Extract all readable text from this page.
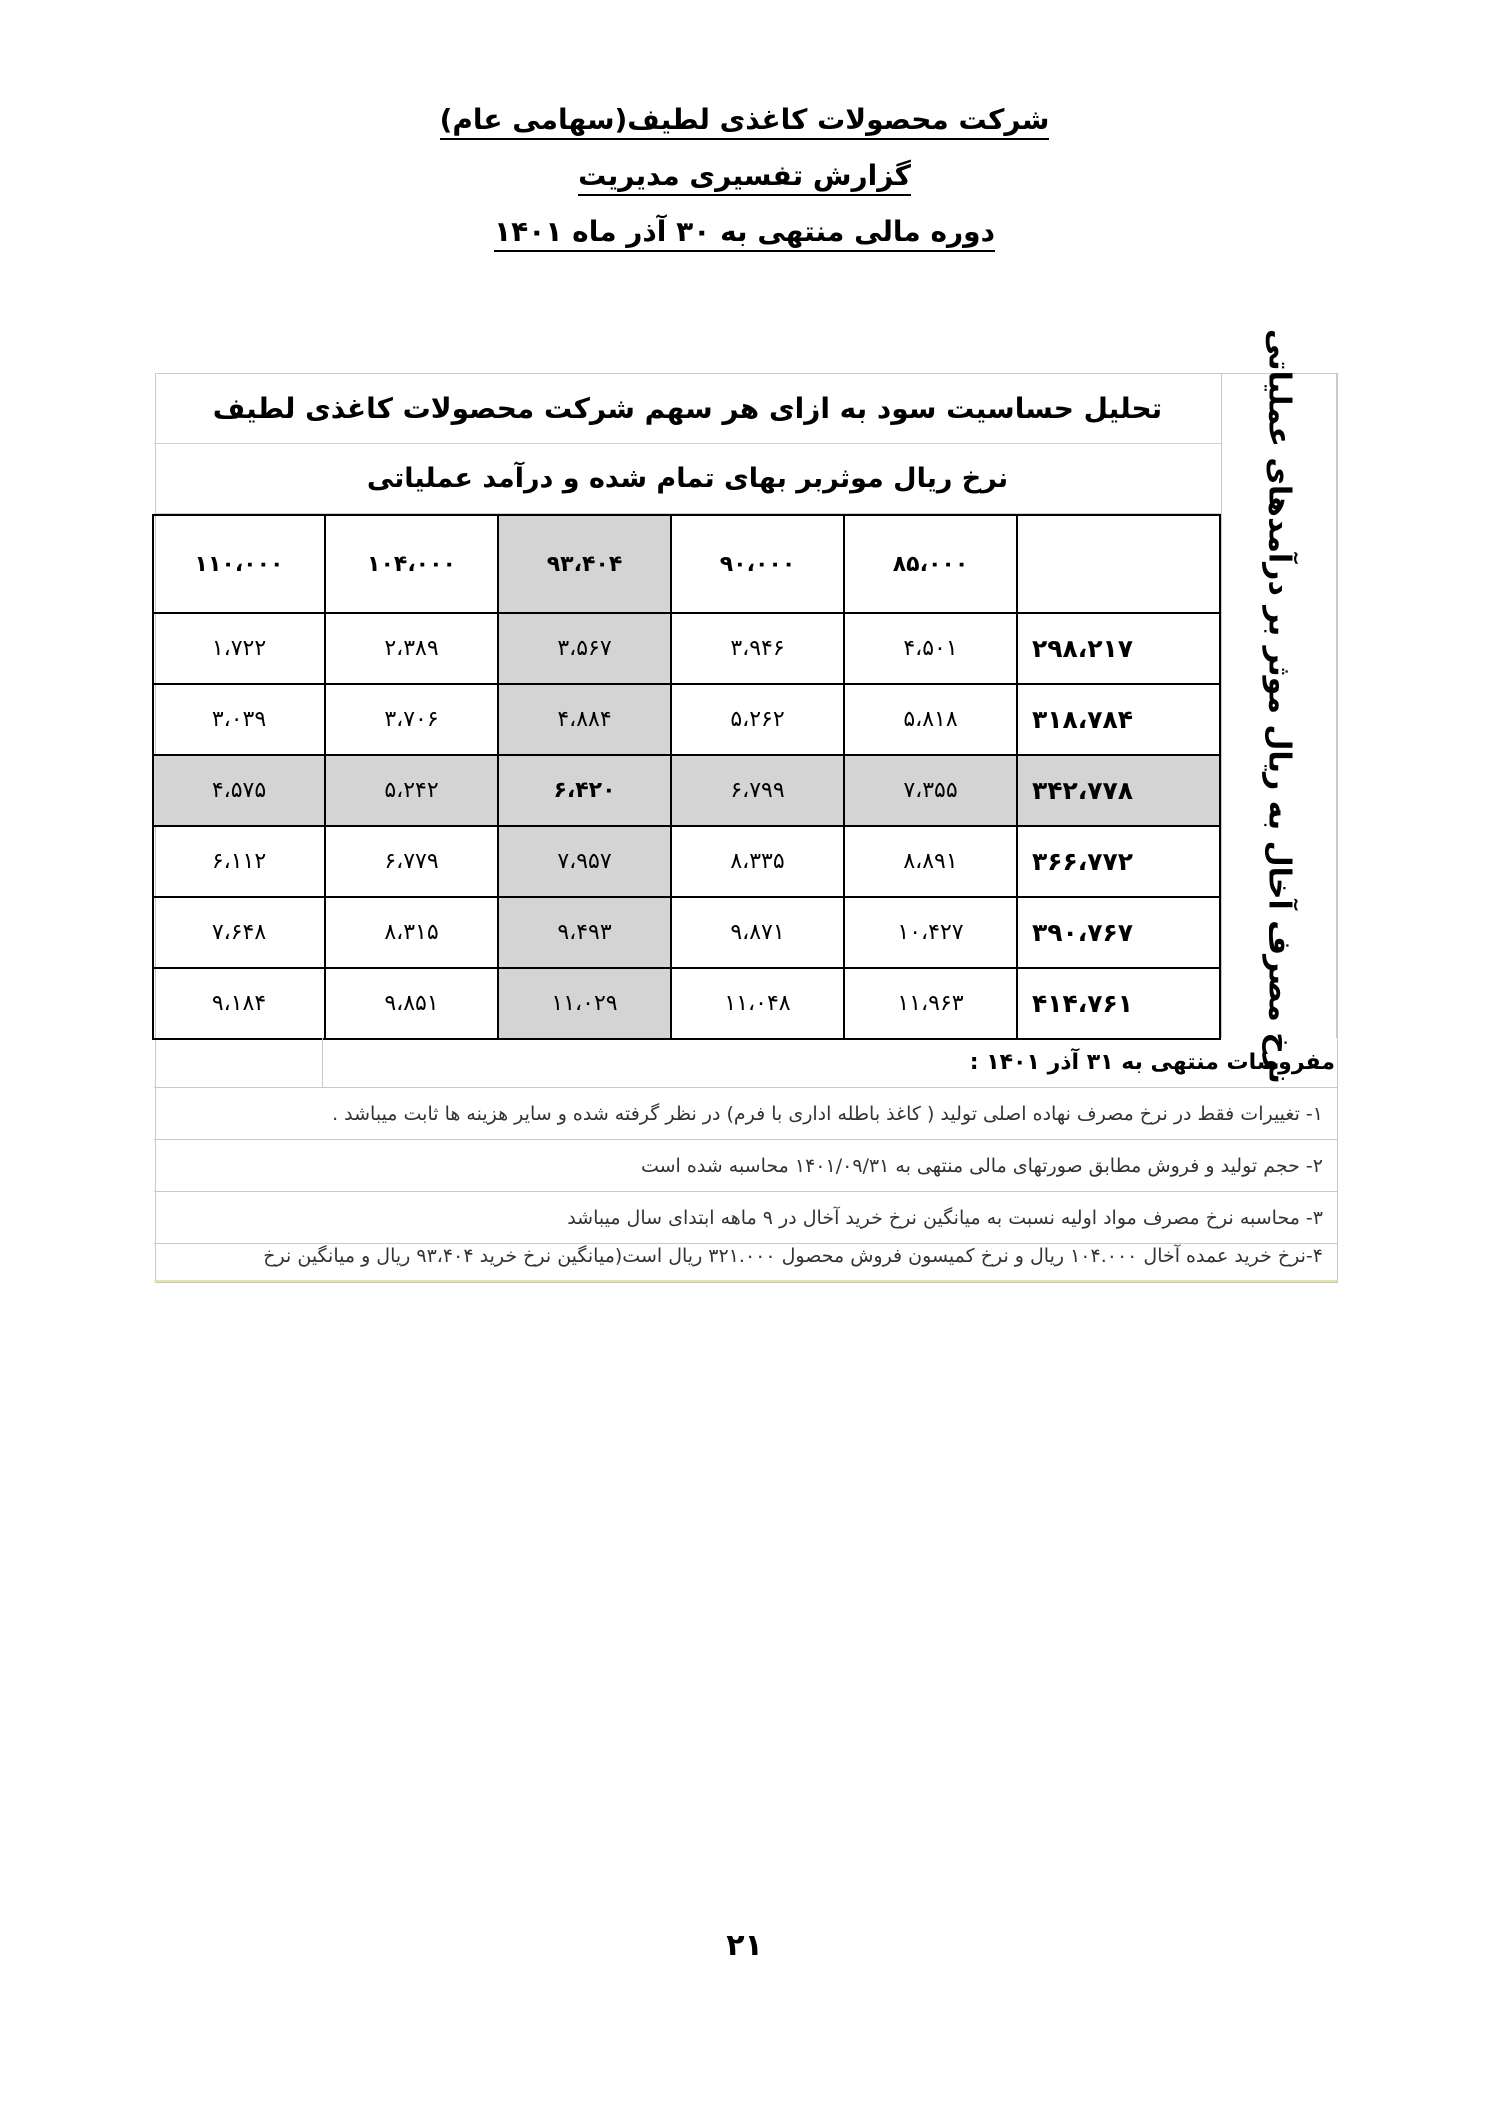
شرکت محصولات کاغذی لطیف(سهامی عام)
گزارش تفسیری مدیریت
دوره مالی منتهی به ۳۰ آذر ماه ۱۴۰۱
نرخ مصرف آخال به ریال موثر بر درآمدهای عملیاتی
تحلیل حساسیت سود به ازای هر سهم شرکت محصولات کاغذی لطیف
نرخ ریال موثربر بهای تمام شده و درآمد عملیاتی
	۸۵،۰۰۰	۹۰،۰۰۰	۹۳،۴۰۴	۱۰۴،۰۰۰	۱۱۰،۰۰۰
۲۹۸،۲۱۷	۴،۵۰۱	۳،۹۴۶	۳،۵۶۷	۲،۳۸۹	۱،۷۲۲
۳۱۸،۷۸۴	۵،۸۱۸	۵،۲۶۲	۴،۸۸۴	۳،۷۰۶	۳،۰۳۹
۳۴۲،۷۷۸	۷،۳۵۵	۶،۷۹۹	۶،۴۲۰	۵،۲۴۲	۴،۵۷۵
۳۶۶،۷۷۲	۸،۸۹۱	۸،۳۳۵	۷،۹۵۷	۶،۷۷۹	۶،۱۱۲
۳۹۰،۷۶۷	۱۰،۴۲۷	۹،۸۷۱	۹،۴۹۳	۸،۳۱۵	۷،۶۴۸
۴۱۴،۷۶۱	۱۱،۹۶۳	۱۱،۰۴۸	۱۱،۰۲۹	۹،۸۵۱	۹،۱۸۴
مفروضات منتهی به ۳۱ آذر ۱۴۰۱ :
۱- تغییرات فقط در نرخ مصرف نهاده اصلی تولید ( کاغذ باطله اداری با فرم) در نظر گرفته شده و سایر هزینه ها ثابت میباشد .
۲- حجم تولید و فروش مطابق صورتهای مالی منتهی به ۱۴۰۱/۰۹/۳۱ محاسبه شده است
۳- محاسبه نرخ مصرف مواد اولیه نسبت به میانگین نرخ خرید آخال در ۹ ماهه ابتدای سال میباشد
۴-نرخ خرید عمده آخال ۱۰۴.۰۰۰ ریال و نرخ کمیسون فروش محصول ۳۲۱.۰۰۰ ریال است(میانگین نرخ خرید ۹۳،۴۰۴ ریال و میانگین نرخ
۲۱
